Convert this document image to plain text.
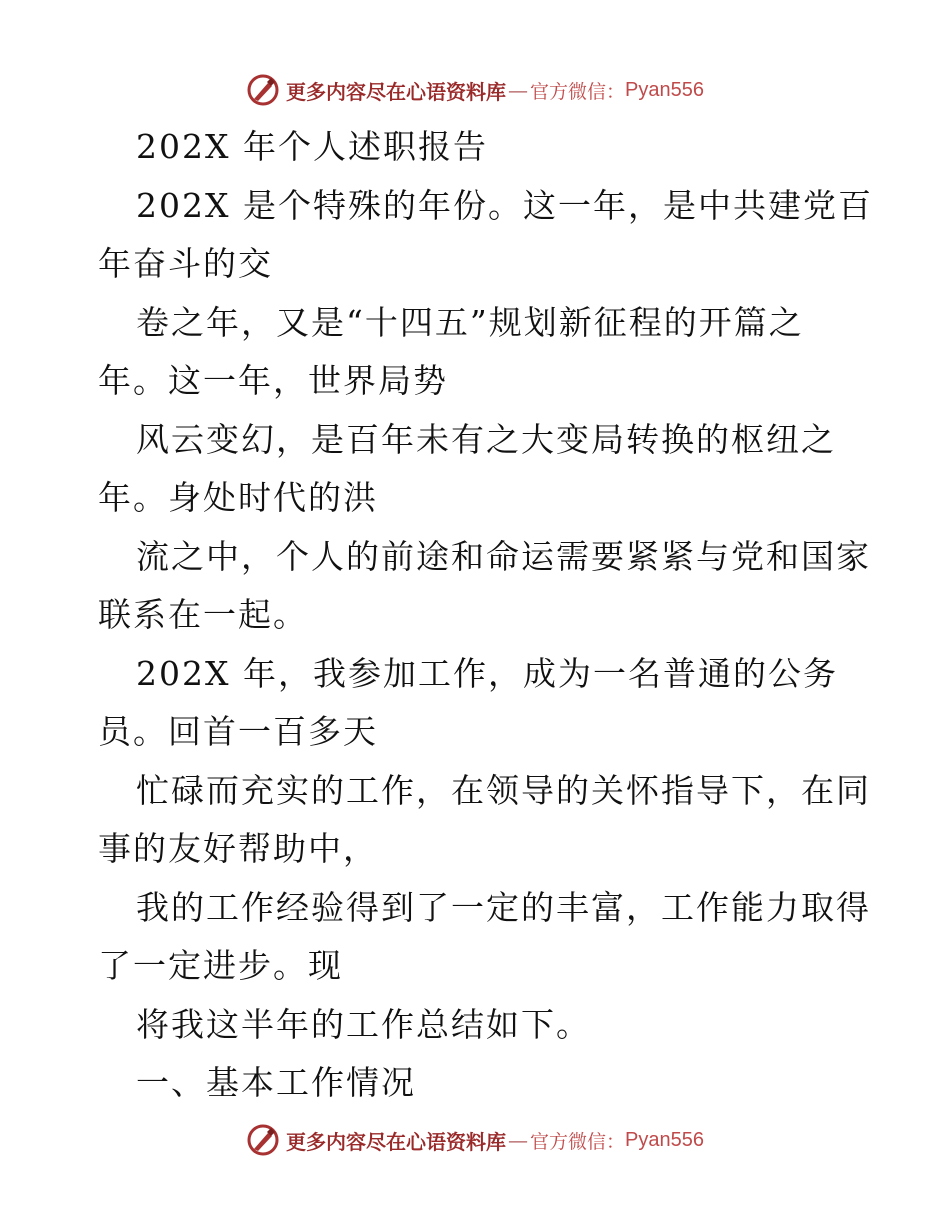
更多内容尽在心语资料库 — 官方微信： Pyan556
202X 年个人述职报告
202X 是个特殊的年份。这一年，是中共建党百
年奋斗的交
卷之年，又是“十四五”规划新征程的开篇之
年。这一年，世界局势
风云变幻，是百年未有之大变局转换的枢纽之
年。身处时代的洪
流之中，个人的前途和命运需要紧紧与党和国家
联系在一起。
202X 年，我参加工作，成为一名普通的公务
员。回首一百多天
忙碌而充实的工作，在领导的关怀指导下，在同
事的友好帮助中，
我的工作经验得到了一定的丰富，工作能力取得
了一定进步。现
将我这半年的工作总结如下。
一、基本工作情况
更多内容尽在心语资料库 — 官方微信： Pyan556
